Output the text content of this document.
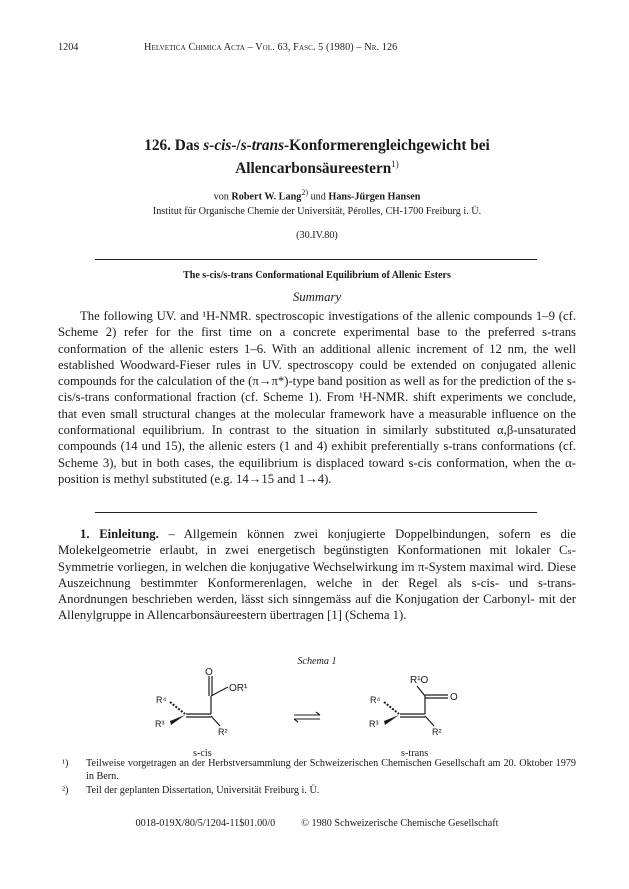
1204	Helvetica Chimica Acta – Vol. 63, Fasc. 5 (1980) – Nr. 126
126. Das s-cis-/s-trans-Konformerengleichgewicht bei
Allencarbonsäureestern$^{1)}$
von Robert W. Lang$^{2)}$ und Hans-Jürgen Hansen
Institut für Organische Chemie der Universität, Pérolles, CH-1700 Freiburg i. Ü.
(30.IV.80)
The s-cis/s-trans Conformational Equilibrium of Allenic Esters
Summary

The following UV. and ¹H-NMR. spectroscopic investigations of the allenic compounds 1–9 (cf. Scheme 2) refer for the first time on a concrete experimental base to the preferred s-trans conformation of the allenic esters 1–6. With an additional allenic increment of 12 nm, the well established Woodward-Fieser rules in UV. spectroscopy could be extended on conjugated allenic compounds for the calculation of the (π→π*)-type band position as well as for the prediction of the s-cis/s-trans conformational fraction (cf. Scheme 1). From ¹H-NMR. shift experiments we conclude, that even small structural changes at the molecular framework have a measurable influence on the conformational equilibrium. In contrast to the situation in similarly substituted α,β-unsaturated compounds (14 und 15), the allenic esters (1 and 4) exhibit preferentially s-trans conformations (cf. Scheme 3), but in both cases, the equilibrium is displaced toward s-cis conformation, when the α-position is methyl substituted (e.g. 14→15 and 1→4).

1. Einleitung. – Allgemein können zwei konjugierte Doppelbindungen, sofern es die Molekelgeometrie erlaubt, in zwei energetisch begünstigten Konformationen mit lokaler Cₛ-Symmetrie vorliegen, in welchen die konjugative Wechselwirkung im π-System maximal wird. Diese Auszeichnung bestimmter Konformerenlagen, welche in der Regel als s-cis- und s-trans-Anordnungen beschrieben werden, lässt sich sinngemäss auf die Konjugation der Carbonyl- mit der Allenylgruppe in Allencarbonsäureestern übertragen [1] (Schema 1).

Schema 1
O
OR¹
R⁴
R³
R²
s-cis
R¹O
O
R⁴
R³
R²
s-trans
¹) Teilweise vorgetragen an der Herbstversammlung der Schweizerischen Chemischen Gesellschaft am 20. Oktober 1979 in Bern.
²) Teil der geplanten Dissertation, Universität Freiburg i. Ü.
0018-019X/80/5/1204-11$01.00/0	© 1980 Schweizerische Chemische Gesellschaft
